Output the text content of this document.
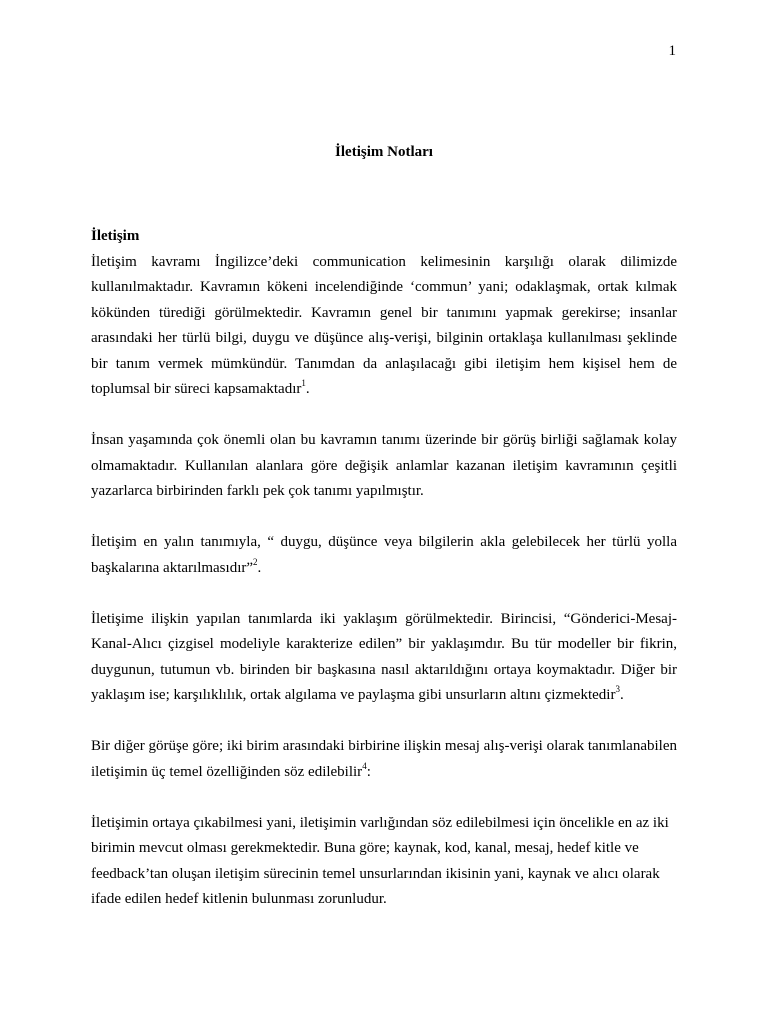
1
İletişim Notları

İletişim

İletişim kavramı İngilizce’deki communication kelimesinin karşılığı olarak dilimizde kullanılmaktadır. Kavramın kökeni incelendiğinde ‘commun’ yani; odaklaşmak, ortak kılmak kökünden türediği görülmektedir. Kavramın genel bir tanımını yapmak gerekirse; insanlar arasındaki her türlü bilgi, duygu ve düşünce alış-verişi, bilginin ortaklaşa kullanılması şeklinde bir tanım vermek mümkündür. Tanımdan da anlaşılacağı gibi iletişim hem kişisel hem de toplumsal bir süreci kapsamaktadır$^1$.

İnsan yaşamında çok önemli olan bu kavramın tanımı üzerinde bir görüş birliği sağlamak kolay olmamaktadır. Kullanılan alanlara göre değişik anlamlar kazanan iletişim kavramının çeşitli yazarlarca birbirinden farklı pek çok tanımı yapılmıştır.

İletişim en yalın tanımıyla, “ duygu, düşünce veya bilgilerin akla gelebilecek her türlü yolla başkalarına aktarılmasıdır”$^2$.

İletişime ilişkin yapılan tanımlarda iki yaklaşım görülmektedir. Birincisi, “Gönderici-Mesaj-Kanal-Alıcı çizgisel modeliyle karakterize edilen” bir yaklaşımdır. Bu tür modeller bir fikrin, duygunun, tutumun vb. birinden bir başkasına nasıl aktarıldığını ortaya koymaktadır. Diğer bir yaklaşım ise; karşılıklılık, ortak algılama ve paylaşma gibi unsurların altını çizmektedir$^3$.

Bir diğer görüşe göre; iki birim arasındaki birbirine ilişkin mesaj alış-verişi olarak tanımlanabilen iletişimin üç temel özelliğinden söz edilebilir$^4$:

İletişimin ortaya çıkabilmesi yani, iletişimin varlığından söz edilebilmesi için öncelikle en az iki birimin mevcut olması gerekmektedir. Buna göre; kaynak, kod, kanal, mesaj, hedef kitle ve feedback’tan oluşan iletişim sürecinin temel unsurlarından ikisinin yani, kaynak ve alıcı olarak ifade edilen hedef kitlenin bulunması zorunludur.
